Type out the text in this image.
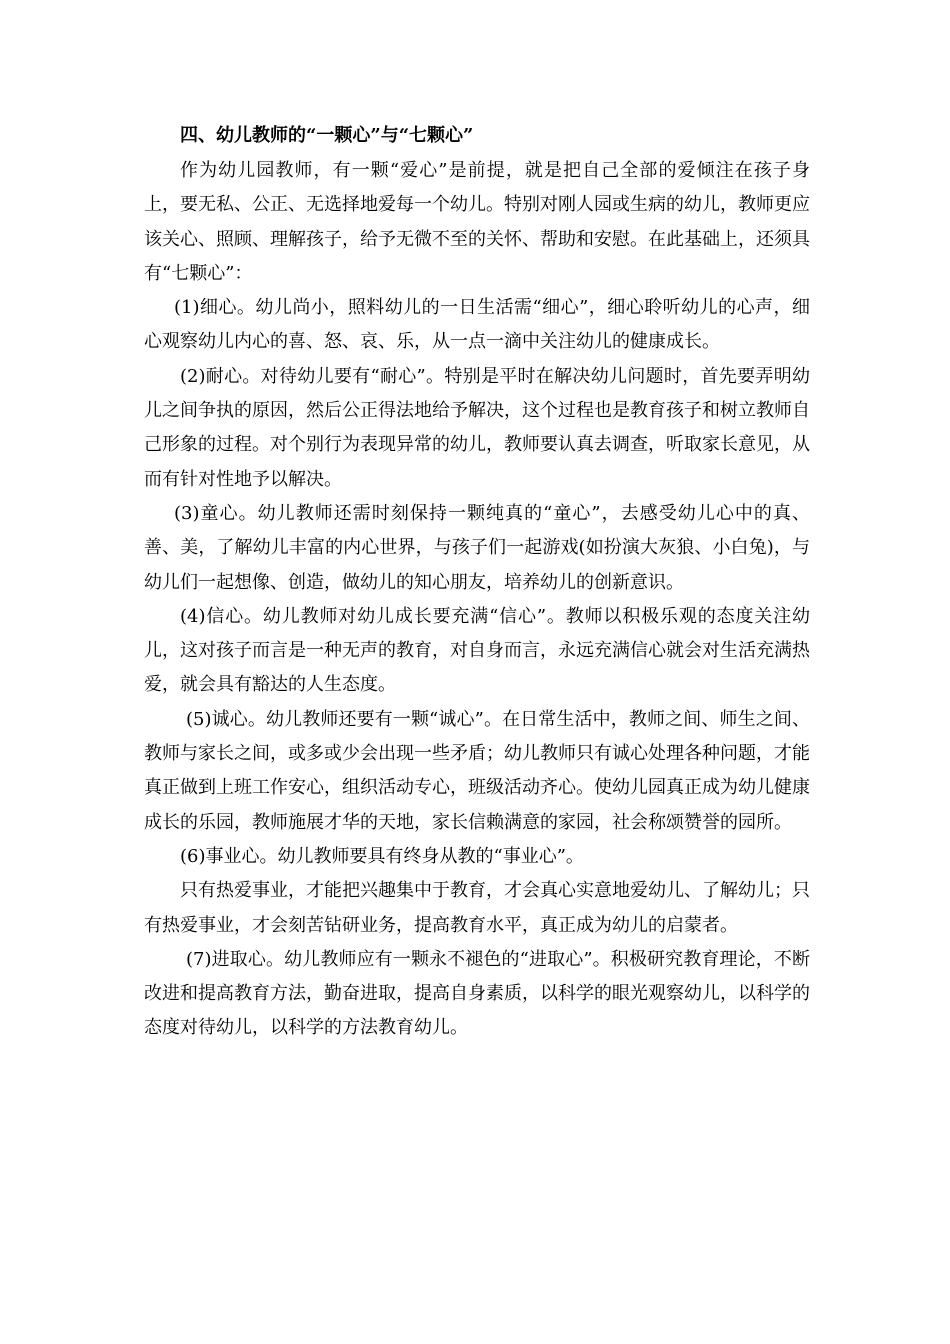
四、幼儿教师的“一颗心”与“七颗心”

作为幼儿园教师，有一颗“爱心”是前提，就是把自己全部的爱倾注在孩子身上，要无私、公正、无选择地爱每一个幼儿。特别对刚人园或生病的幼儿，教师更应该关心、照顾、理解孩子，给予无微不至的关怀、帮助和安慰。在此基础上，还须具有“七颗心”：

(1)细心。幼儿尚小，照料幼儿的一日生活需“细心”，细心聆听幼儿的心声，细心观察幼儿内心的喜、怒、哀、乐，从一点一滴中关注幼儿的健康成长。

(2)耐心。对待幼儿要有“耐心”。特别是平时在解决幼儿问题时，首先要弄明幼儿之间争执的原因，然后公正得法地给予解决，这个过程也是教育孩子和树立教师自己形象的过程。对个别行为表现异常的幼儿，教师要认真去调查，听取家长意见，从而有针对性地予以解决。

(3)童心。幼儿教师还需时刻保持一颗纯真的“童心”，去感受幼儿心中的真、善、美，了解幼儿丰富的内心世界，与孩子们一起游戏(如扮演大灰狼、小白兔)，与幼儿们一起想像、创造，做幼儿的知心朋友，培养幼儿的创新意识。

(4)信心。幼儿教师对幼儿成长要充满“信心”。教师以积极乐观的态度关注幼儿，这对孩子而言是一种无声的教育，对自身而言，永远充满信心就会对生活充满热爱，就会具有豁达的人生态度。

(5)诚心。幼儿教师还要有一颗“诚心”。在日常生活中，教师之间、师生之间、教师与家长之间，或多或少会出现一些矛盾；幼儿教师只有诚心处理各种问题，才能真正做到上班工作安心，组织活动专心，班级活动齐心。使幼儿园真正成为幼儿健康成长的乐园，教师施展才华的天地，家长信赖满意的家园，社会称颂赞誉的园所。

(6)事业心。幼儿教师要具有终身从教的“事业心”。

只有热爱事业，才能把兴趣集中于教育，才会真心实意地爱幼儿、了解幼儿；只有热爱事业，才会刻苦钻研业务，提高教育水平，真正成为幼儿的启蒙者。

(7)进取心。幼儿教师应有一颗永不褪色的“进取心”。积极研究教育理论，不断改进和提高教育方法，勤奋进取，提高自身素质，以科学的眼光观察幼儿，以科学的态度对待幼儿，以科学的方法教育幼儿。
